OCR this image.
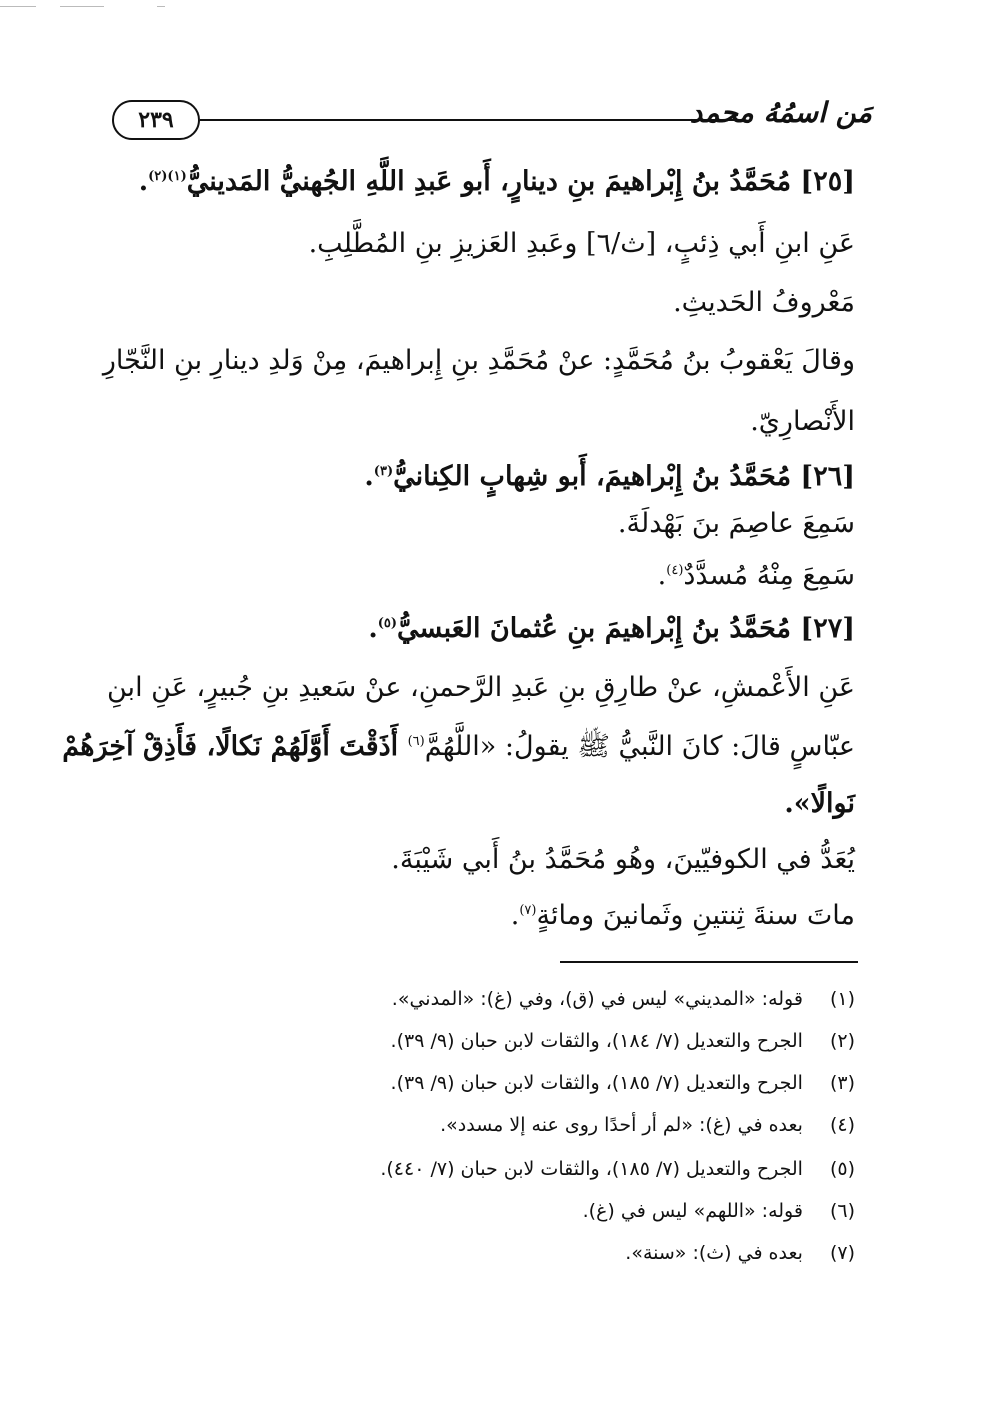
٢٣٩	مَن اسمُهُ محمد
[٢٥] مُحَمَّدُ بنُ إِبْراهيمَ بنِ دينارٍ، أَبو عَبدِ اللَّهِ الجُهنيُّ المَدينيُّ$^{(١)(٢)}$.
عَنِ ابنِ أَبي ذِئبٍ، [ث/٦] وعَبدِ العَزيزِ بنِ المُطَّلِبِ.
مَعْروفُ الحَديثِ.
وقالَ يَعْقوبُ بنُ مُحَمَّدٍ: عنْ مُحَمَّدِ بنِ إِبراهيمَ، مِنْ وَلدِ دينارِ بنِ النَّجّارِ
الأَنْصارِيّ.
[٢٦] مُحَمَّدُ بنُ إِبْراهيمَ، أَبو شِهابٍ الكِنانيُّ$^{(٣)}$.
سَمِعَ عاصِمَ بنَ بَهْدلَةَ.
سَمِعَ مِنْهُ مُسدَّدٌ$^{(٤)}$.
[٢٧] مُحَمَّدُ بنُ إِبْراهيمَ بنِ عُثمانَ العَبسيُّ$^{(٥)}$.
عَنِ الأَعْمشِ، عنْ طارِقِ بنِ عَبدِ الرَّحمنِ، عنْ سَعيدِ بنِ جُبيرٍ، عَنِ ابنِ
عبّاسٍ قالَ: كانَ النَّبيُّ ﷺ يقولُ: «اللَّهُمَّ$^{(٦)}$ أَذَقْتَ أَوَّلَهُمْ نَكالًا، فَأَذِقْ آخِرَهُمْ
نَوالًا».
يُعَدُّ في الكوفيّينَ، وهُو مُحَمَّدُ بنُ أَبي شَيْبَةَ.
ماتَ سنةَ ثِنتينِ وثَمانينَ ومائةٍ$^{(٧)}$.
(١) قوله: «المديني» ليس في (ق)، وفي (غ): «المدني».
(٢) الجرح والتعديل (٧/ ١٨٤)، والثقات لابن حبان (٩/ ٣٩).
(٣) الجرح والتعديل (٧/ ١٨٥)، والثقات لابن حبان (٩/ ٣٩).
(٤) بعده في (غ): «لم أر أحدًا روى عنه إلا مسدد».
(٥) الجرح والتعديل (٧/ ١٨٥)، والثقات لابن حبان (٧/ ٤٤٠).
(٦) قوله: «اللهم» ليس في (غ).
(٧) بعده في (ث): «سنة».
